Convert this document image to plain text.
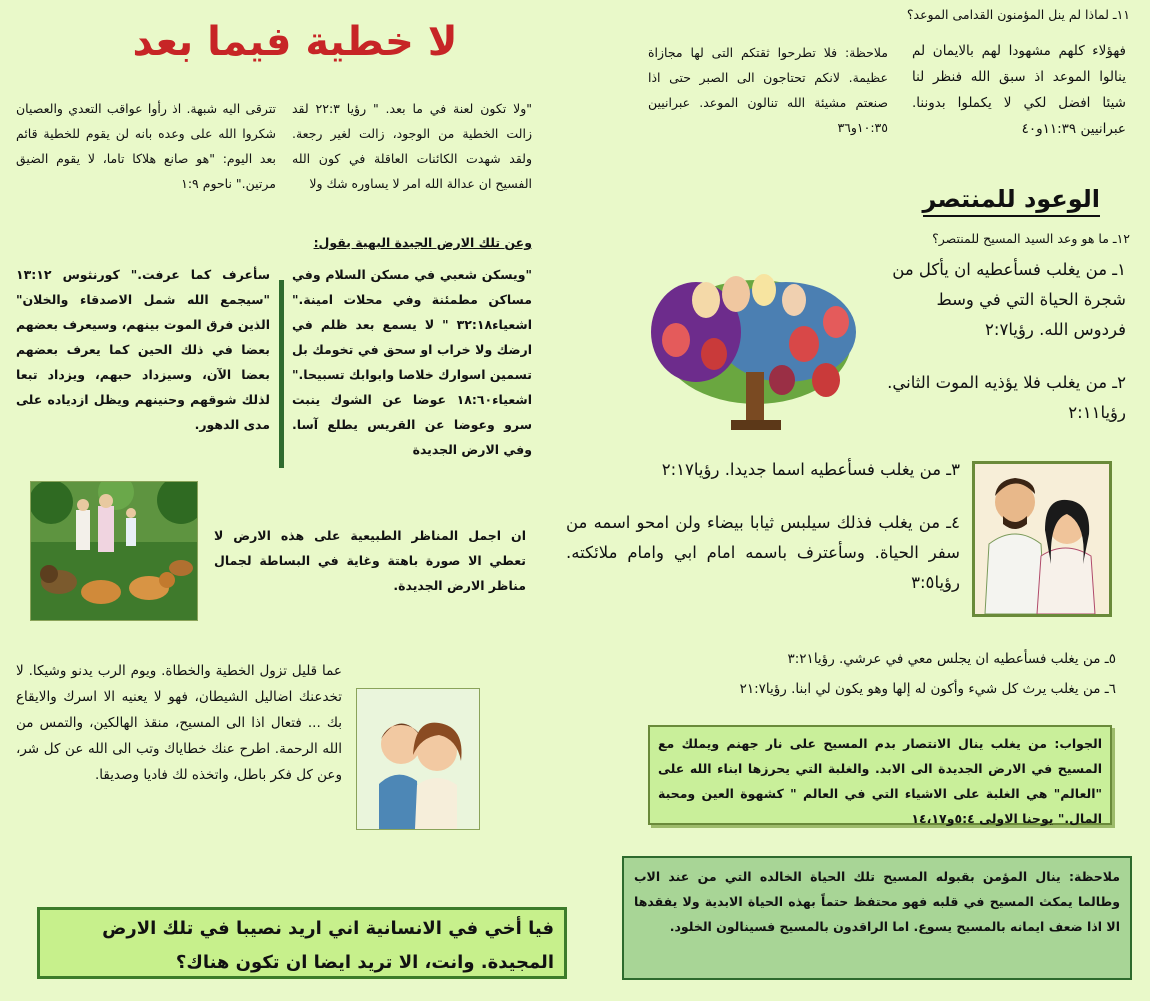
لا خطية فيما بعد
"ولا تكون لعنة في ما بعد. " رؤيا ٢٢:٣ لقد زالت الخطية من الوجود، زالت لغير رجعة. ولقد شهدت الكائنات العاقلة في كون الله الفسيح ان عدالة الله امر لا يساوره شك ولا
تترقى اليه شبهة. اذ رأوا عواقب التعدي والعصيان شكروا الله على وعده بانه لن يقوم للخطية قائم بعد اليوم: "هو صانع هلاكا تاما، لا يقوم الضيق مرتين." ناحوم ١:٩
وعن تلك الارض الجيدة البهية يقول:
"ويسكن شعبي في مسكن السلام وفي مساكن مطمئنة وفي محلات امينة." اشعياء٣٢:١٨ " لا يسمع بعد ظلم في ارضك ولا خراب او سحق في تخومك بل تسمين اسوارك خلاصا وابوابك تسبيحا." اشعياء١٨:٦٠ عوضا عن الشوك ينبت سرو وعوضا عن القريس يطلع آسا. وفي الارض الجديدة
سأعرف كما عرفت." كورنثوس ١٣:١٢ "سيجمع الله شمل الاصدقاء والخلان" الذين فرق الموت بينهم، وسيعرف بعضهم بعضا في ذلك الحين كما يعرف بعضهم بعضا الآن، وسيزداد حبهم، ويزداد تبعا لذلك شوقهم وحنينهم ويظل ازدياده على مدى الدهور.
ان اجمل المناظر الطبيعية على هذه الارض لا تعطي الا صورة باهتة وغاية في البساطة لجمال مناظر الارض الجديدة.
عما قليل تزول الخطية والخطاة. ويوم الرب يدنو وشيكا. لا تخدعنك اضاليل الشيطان، فهو لا يعنيه الا اسرك والايقاع بك ... فتعال اذا الى المسيح، منقذ الهالكين، والتمس من الله الرحمة. اطرح عنك خطاياك وتب الى الله عن كل شر، وعن كل فكر باطل، واتخذه لك فاديا وصديقا.
فيا أخي في الانسانية اني اريد نصيبا في تلك الارض المجيدة. وانت، الا تريد ايضا ان تكون هناك؟
١١ـ لماذا لم ينل المؤمنون القدامى الموعد؟
فهؤلاء كلهم مشهودا لهم بالايمان لم ينالوا الموعد اذ سبق الله فنظر لنا شيئا افضل لكي لا يكملوا بدوننا. عبرانيين ١١:٣٩و٤٠
ملاحظة: فلا تطرحوا ثقتكم التى لها مجازاة عظيمة. لانكم تحتاجون الى الصبر حتى اذا صنعتم مشيئة الله تنالون الموعد. عبرانيين ١٠:٣٥و٣٦
الوعود للمنتصر
١٢ـ ما هو وعد السيد المسيح للمنتصر؟
١ـ من يغلب فسأعطيه ان يأكل من شجرة الحياة التي في وسط فردوس الله. رؤيا٢:٧
٢ـ من يغلب فلا يؤذيه الموت الثاني. رؤيا٢:١١
٣ـ من يغلب فسأعطيه اسما جديدا. رؤيا٢:١٧
٤ـ من يغلب فذلك سيلبس ثيابا بيضاء ولن امحو اسمه من سفر الحياة. وسأعترف باسمه امام ابي وامام ملائكته. رؤيا٣:٥
٥ـ من يغلب فسأعطيه ان يجلس معي في عرشي. رؤيا٣:٢١
٦ـ من يغلب يرث كل شيء وأكون له إلها وهو يكون لي ابنا. رؤيا٢١:٧
الجواب: من يغلب ينال الانتصار بدم المسيح على نار جهنم ويملك مع المسيح في الارض الجديدة الى الابد. والغلبة التي يحرزها ابناء الله على "العالم" هي الغلبة على الاشياء التي في العالم " كشهوة العين ومحبة المال." يوحنا الاولى ٥:٤و١٤،١٧
ملاحظة: ينال المؤمن بقبوله المسيح تلك الحياة الخالده التي من عند الاب وطالما يمكث المسيح في قلبه فهو محتفظ حتماً بهذه الحياة الابدية ولا يفقدها الا اذا ضعف ايمانه بالمسيح يسوع. اما الراقدون بالمسيح فسينالون الخلود.
